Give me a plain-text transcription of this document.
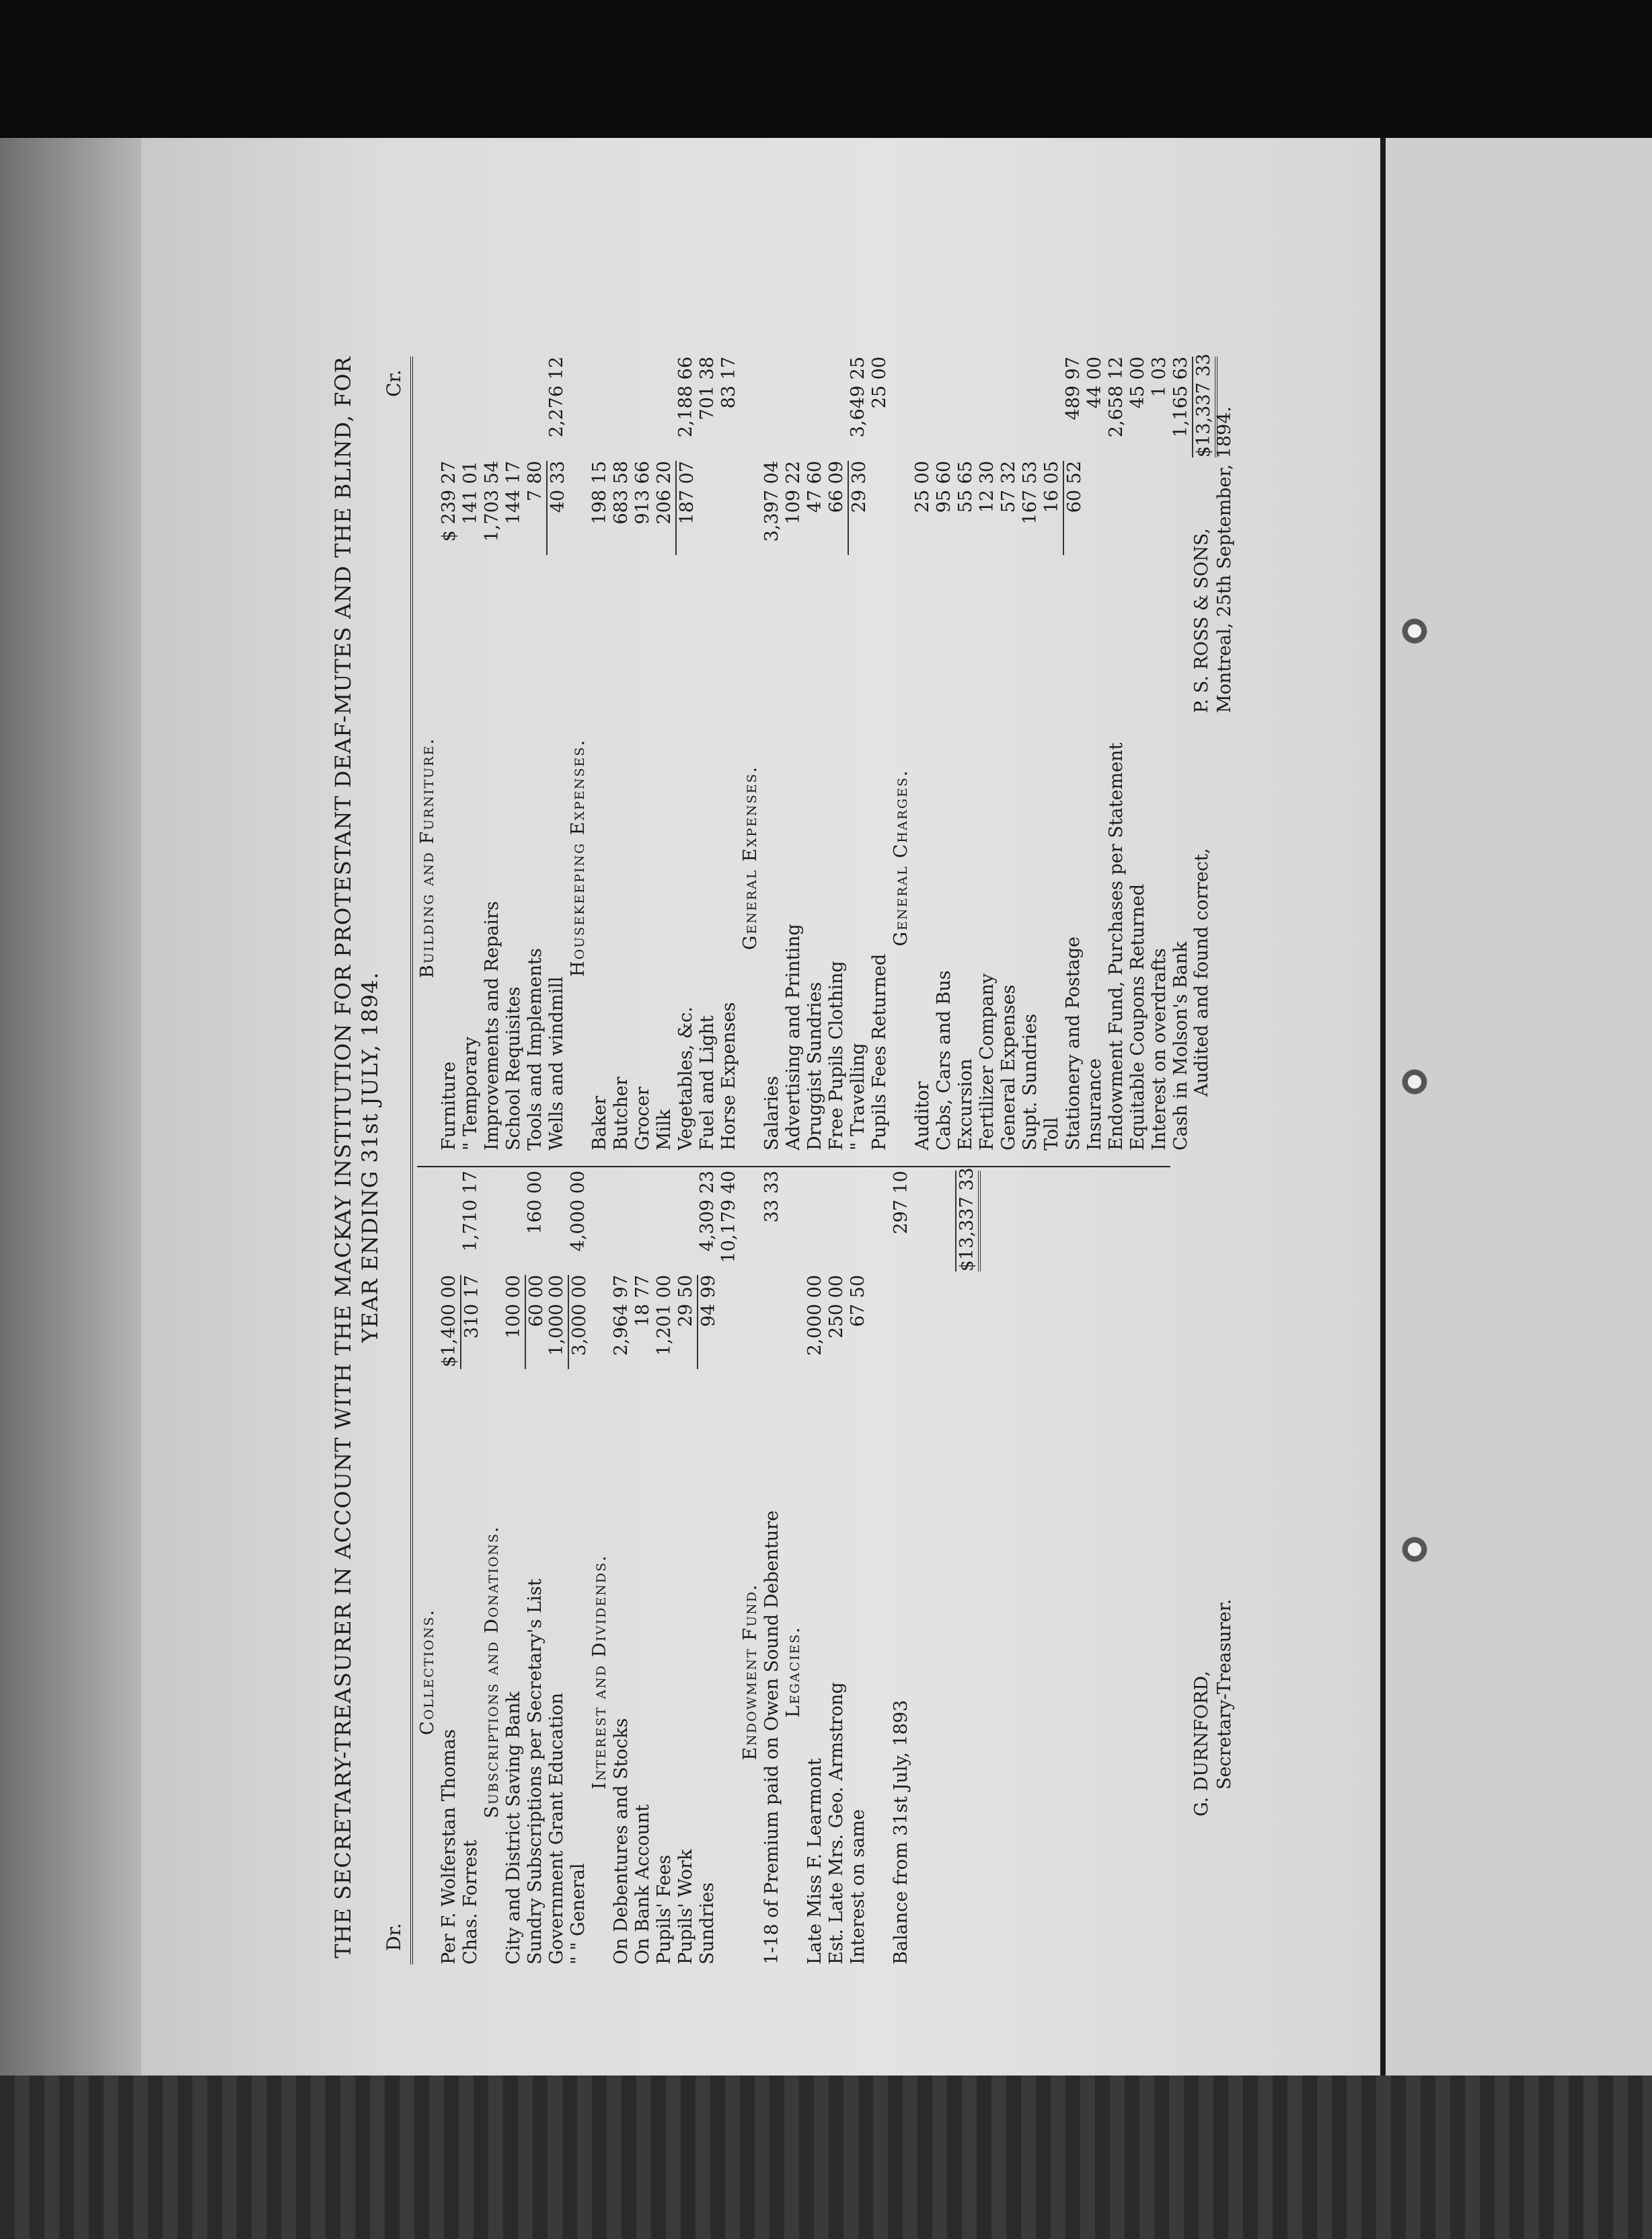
THE SECRETARY-TREASURER IN ACCOUNT WITH THE MACKAY INSTITUTION FOR PROTESTANT DEAF-MUTES AND THE BLIND, FOR YEAR ENDING 31st JULY, 1894.
Dr.
Cr.
Collections.
Per F. Wolferstan Thomas
$1,400 00
Chas. Forrest
310 17
1,710 17
Subscriptions and Donations.
City and District Saving Bank
100 00
Sundry Subscriptions per Secretary's List
60 00
160 00
Government Grant Education
1,000 00
" " General
3,000 00
4,000 00
Interest and Dividends.
On Debentures and Stocks
2,964 97
On Bank Account
18 77
Pupils' Fees
1,201 00
Pupils' Work
29 50
Sundries
94 99
4,309 23 10,179 40
Endowment Fund. 1-18 of Premium paid on Owen Sound Debenture
33 33
Legacies.
Late Miss F. Learmont
2,000 00
Est. Late Mrs. Geo. Armstrong
250 00
Interest on same
67 50
Balance from 31st July, 1893
297 10 $13,337 33
Building and Furniture.
Furniture
$ 239 27
" Temporary
141 01
Improvements and Repairs
1,703 54
School Requisites
144 17
Tools and Implements
7 80
Wells and windmill
40 33
2,276 12
Housekeeping Expenses.
Baker
198 15
Butcher
683 58
Grocer
913 66
Milk
206 20
Vegetables, &c.
187 07
2,188 66
Fuel and Light
701 38
Horse Expenses
83 17
General Expenses.
Salaries
3,397 04
Advertising and Printing
109 22
Druggist Sundries
47 60
Free Pupils Clothing
66 09
" Travelling
29 30
3,649 25
Pupils Fees Returned
25 00
General Charges.
Auditor
25 00
Cabs, Cars and Bus
95 60
Excursion
55 65
Fertilizer Company
12 30
General Expenses
57 32
Supt. Sundries
167 53
Toll
16 05
Stationery and Postage
60 52
489 97
Insurance
44 00
Endowment Fund, Purchases per Statement
2,658 12
Equitable Coupons Returned
45 00
Interest on overdrafts
1 03
Cash in Molson's Bank
1,165 63 $13,337 33
G. DURNFORD, Secretary-Treasurer.
Audited and found correct,
P. S. ROSS & SONS, Montreal, 25th September, 1894.
